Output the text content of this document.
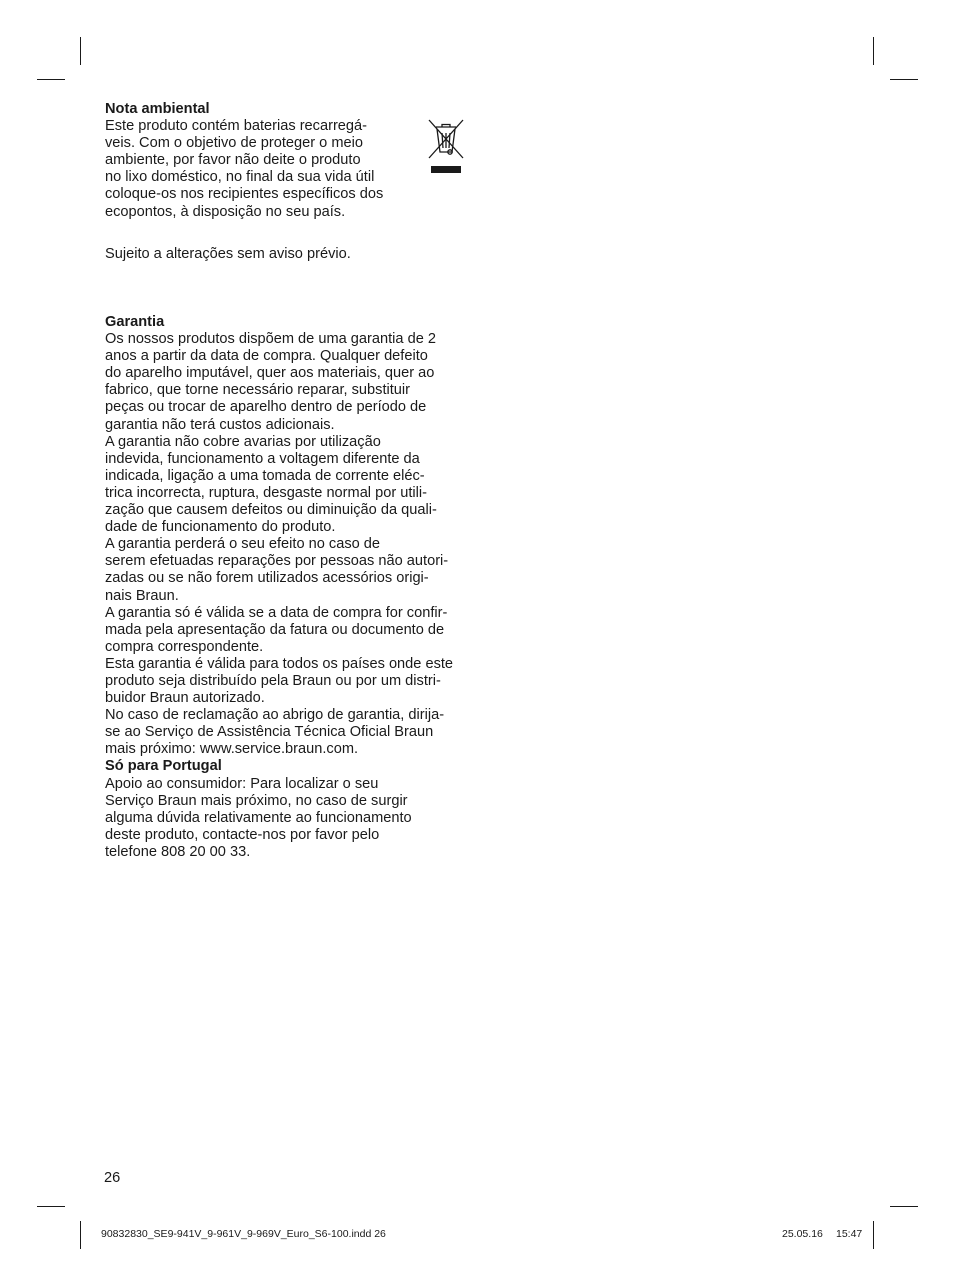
Nota ambiental
Este produto contém baterias recarregá-
veis. Com o objetivo de proteger o meio
ambiente, por favor não deite o produto
no lixo doméstico, no final da sua vida útil
coloque-os nos recipientes específicos dos
ecopontos, à disposição no seu país.
Sujeito a alterações sem aviso prévio.
Garantia

Os nossos produtos dispõem de uma garantia de 2
anos a partir da data de compra. Qualquer defeito
do aparelho imputável, quer aos materiais, quer ao
fabrico, que torne necessário reparar, substituir
peças ou trocar de aparelho dentro de período de
garantia não terá custos adicionais.

A garantia não cobre avarias por utilização
indevida, funcionamento a voltagem diferente da
indicada, ligação a uma tomada de corrente eléc-
trica incorrecta, ruptura, desgaste normal por utili-
zação que causem defeitos ou diminuição da quali-
dade de funcionamento do produto.

A garantia perderá o seu efeito no caso de
serem efetuadas reparações por pessoas não autori-
zadas ou se não forem utilizados acessórios origi-
nais Braun.

A garantia só é válida se a data de compra for confir-
mada pela apresentação da fatura ou documento de
compra correspondente.

Esta garantia é válida para todos os países onde este
produto seja distribuído pela Braun ou por um distri-
buidor Braun autorizado.

No caso de reclamação ao abrigo de garantia, dirija-
se ao Serviço de Assistência Técnica Oficial Braun
mais próximo: www.service.braun.com.

Só para Portugal
Apoio ao consumidor: Para localizar o seu
Serviço Braun mais próximo, no caso de surgir
alguma dúvida relativamente ao funcionamento
deste produto, contacte-nos por favor pelo
telefone 808 20 00 33.
26
90832830_SE9-941V_9-961V_9-969V_Euro_S6-100.indd 26	25.05.16 15:47
